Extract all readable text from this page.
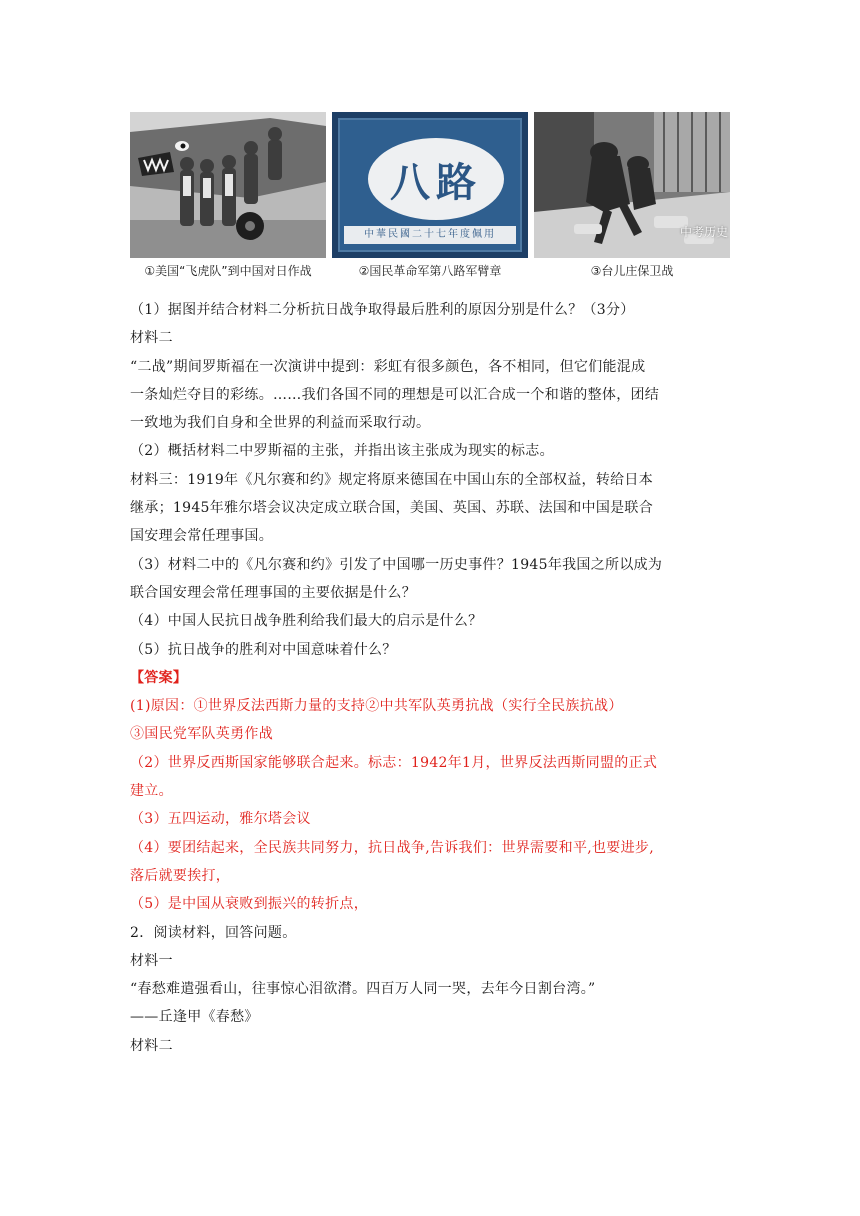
①美国“飞虎队”到中国对日作战
八路
中華民國二十七年度佩用
②国民革命军第八路军臂章
中考历史
③台儿庄保卫战
（1）据图并结合材料二分析抗日战争取得最后胜利的原因分别是什么？（3分）
材料二
“二战”期间罗斯福在一次演讲中提到：彩虹有很多颜色，各不相同，但它们能混成
一条灿烂夺目的彩练。……我们各国不同的理想是可以汇合成一个和谐的整体，团结
一致地为我们自身和全世界的利益而采取行动。
（2）概括材料二中罗斯福的主张，并指出该主张成为现实的标志。
材料三：1919年《凡尔赛和约》规定将原来德国在中国山东的全部权益，转给日本
继承；1945年雅尔塔会议决定成立联合国，美国、英国、苏联、法国和中国是联合
国安理会常任理事国。
（3）材料二中的《凡尔赛和约》引发了中国哪一历史事件？1945年我国之所以成为
联合国安理会常任理事国的主要依据是什么？
（4）中国人民抗日战争胜利给我们最大的启示是什么？
（5）抗日战争的胜利对中国意味着什么？
【答案】
(1)原因：①世界反法西斯力量的支持②中共军队英勇抗战（实行全民族抗战）
③国民党军队英勇作战
（2）世界反西斯国家能够联合起来。标志：1942年1月，世界反法西斯同盟的正式
建立。
（3）五四运动，雅尔塔会议
（4）要团结起来，全民族共同努力，抗日战争,告诉我们：世界需要和平,也要进步,
落后就要挨打，
（5）是中国从衰败到振兴的转折点，
2．阅读材料，回答问题。
材料一
“春愁难遣强看山，往事惊心泪欲潸。四百万人同一哭，去年今日割台湾。”
——丘逢甲《春愁》
材料二
